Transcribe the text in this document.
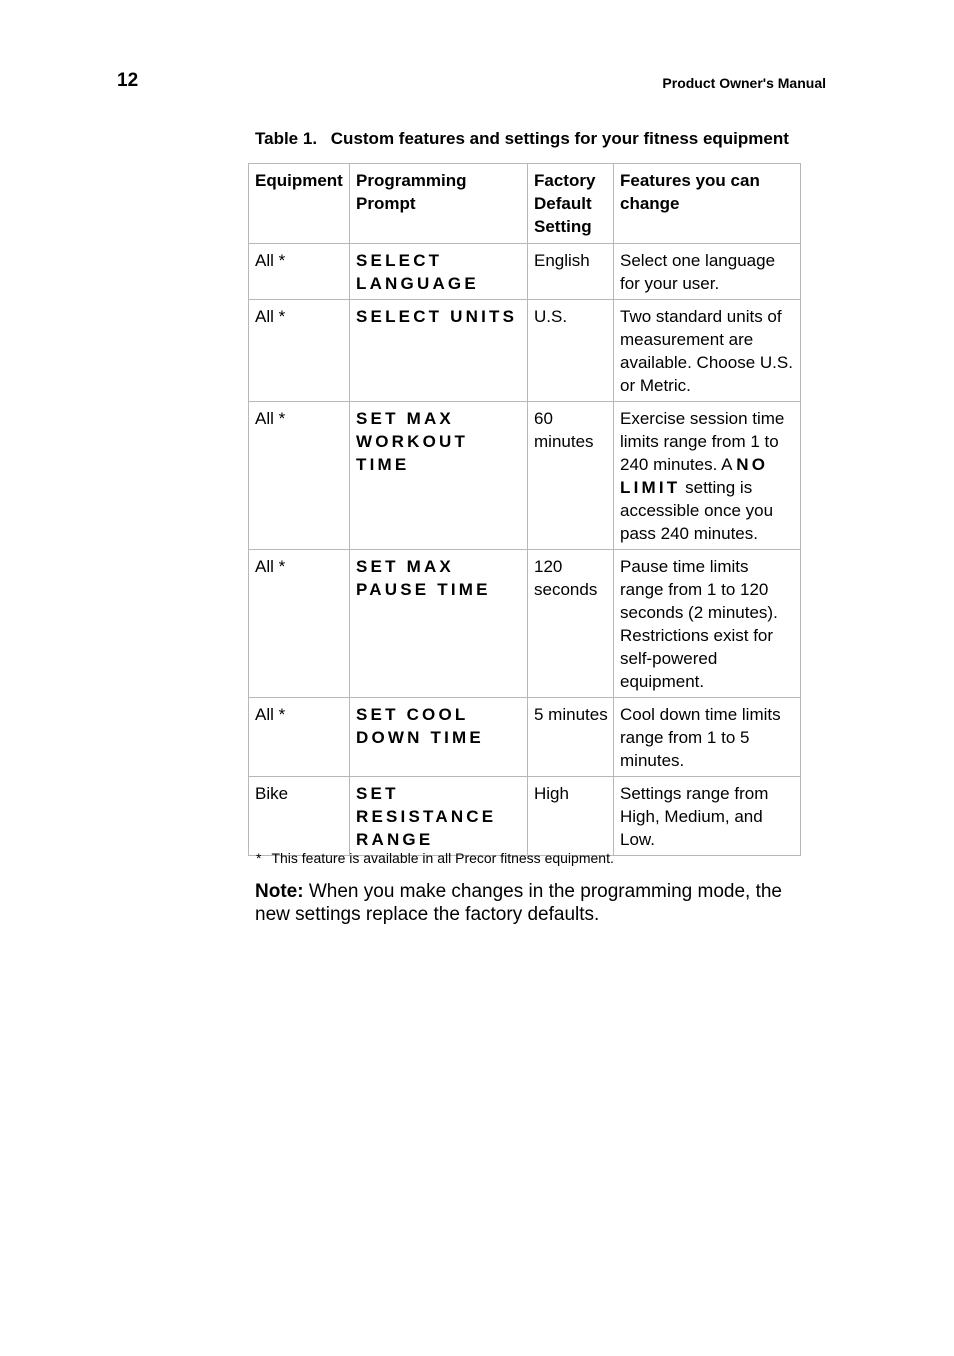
12	Product Owner's Manual
Table 1. Custom features and settings for your fitness equipment
Equipment	Programming Prompt	Factory Default Setting	Features you can change
All *	SELECT LANGUAGE	English	Select one language for your user.
All *	SELECT UNITS	U.S.	Two standard units of measurement are available. Choose U.S. or Metric.
All *	SET MAX WORKOUT TIME	60 minutes	Exercise session time limits range from 1 to 240 minutes. A NO LIMIT setting is accessible once you pass 240 minutes.
All *	SET MAX PAUSE TIME	120 seconds	Pause time limits range from 1 to 120 seconds (2 minutes). Restrictions exist for self-powered equipment.
All *	SET COOL DOWN TIME	5 minutes	Cool down time limits range from 1 to 5 minutes.
Bike	SET RESISTANCE RANGE	High	Settings range from High, Medium, and Low.
* This feature is available in all Precor fitness equipment.
Note: When you make changes in the programming mode, the new settings replace the factory defaults.
